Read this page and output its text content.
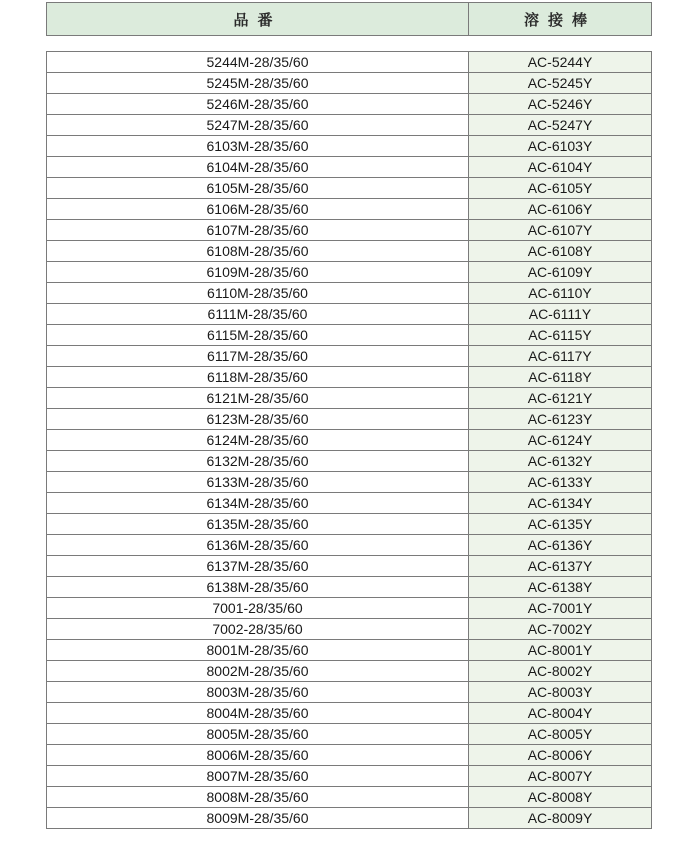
品番	溶接棒
5244M-28/35/60	AC-5244Y
5245M-28/35/60	AC-5245Y
5246M-28/35/60	AC-5246Y
5247M-28/35/60	AC-5247Y
6103M-28/35/60	AC-6103Y
6104M-28/35/60	AC-6104Y
6105M-28/35/60	AC-6105Y
6106M-28/35/60	AC-6106Y
6107M-28/35/60	AC-6107Y
6108M-28/35/60	AC-6108Y
6109M-28/35/60	AC-6109Y
6110M-28/35/60	AC-6110Y
6111M-28/35/60	AC-6111Y
6115M-28/35/60	AC-6115Y
6117M-28/35/60	AC-6117Y
6118M-28/35/60	AC-6118Y
6121M-28/35/60	AC-6121Y
6123M-28/35/60	AC-6123Y
6124M-28/35/60	AC-6124Y
6132M-28/35/60	AC-6132Y
6133M-28/35/60	AC-6133Y
6134M-28/35/60	AC-6134Y
6135M-28/35/60	AC-6135Y
6136M-28/35/60	AC-6136Y
6137M-28/35/60	AC-6137Y
6138M-28/35/60	AC-6138Y
7001-28/35/60	AC-7001Y
7002-28/35/60	AC-7002Y
8001M-28/35/60	AC-8001Y
8002M-28/35/60	AC-8002Y
8003M-28/35/60	AC-8003Y
8004M-28/35/60	AC-8004Y
8005M-28/35/60	AC-8005Y
8006M-28/35/60	AC-8006Y
8007M-28/35/60	AC-8007Y
8008M-28/35/60	AC-8008Y
8009M-28/35/60	AC-8009Y
